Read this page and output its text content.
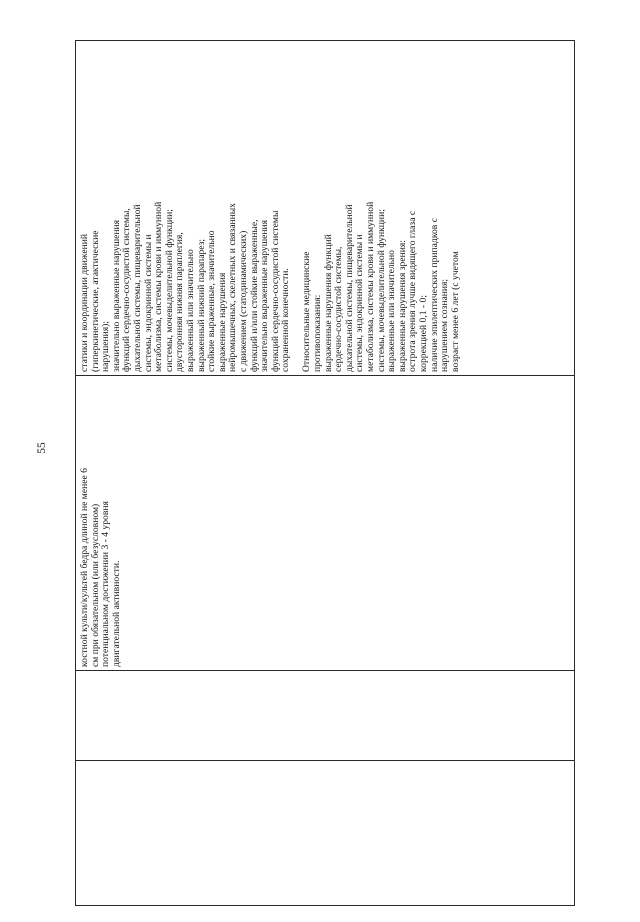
55

костной культи/культей бедра длиной не менее 6 см при обязательном (или безусловном) потенциальном достижении 3 - 4 уровня двигательной активности.

статики и координации движений (гиперкинетические, атактические нарушения); значительно выраженные нарушения функций сердечно-сосудистой системы, дыхательной системы, пищеварительной системы, эндокринной системы и метаболизма, системы крови и иммунной системы, мочевыделительной функции; двусторонняя нижняя параплегия, выраженный или значительно выраженный нижний парапарез; стойкие выраженные, значительно выраженные нарушения нейромышечных, скелетных и связанных с движением (статодинамических) функций и/или стойкие выраженные, значительно выраженные нарушения функций сердечно-сосудистой системы сохраненной конечности. Относительные медицинские противопоказания: выраженные нарушения функций сердечно-сосудистой системы, дыхательной системы, пищеварительной системы, эндокринной системы и метаболизма, системы крови и иммунной системы, мочевыделительной функции; выраженные или значительно выраженные нарушения зрения: острота зрения лучше видящего глаза с коррекцией 0,1 - 0; наличие эпилептических припадков с нарушением сознания; возраст менее 6 лет (с учетом
